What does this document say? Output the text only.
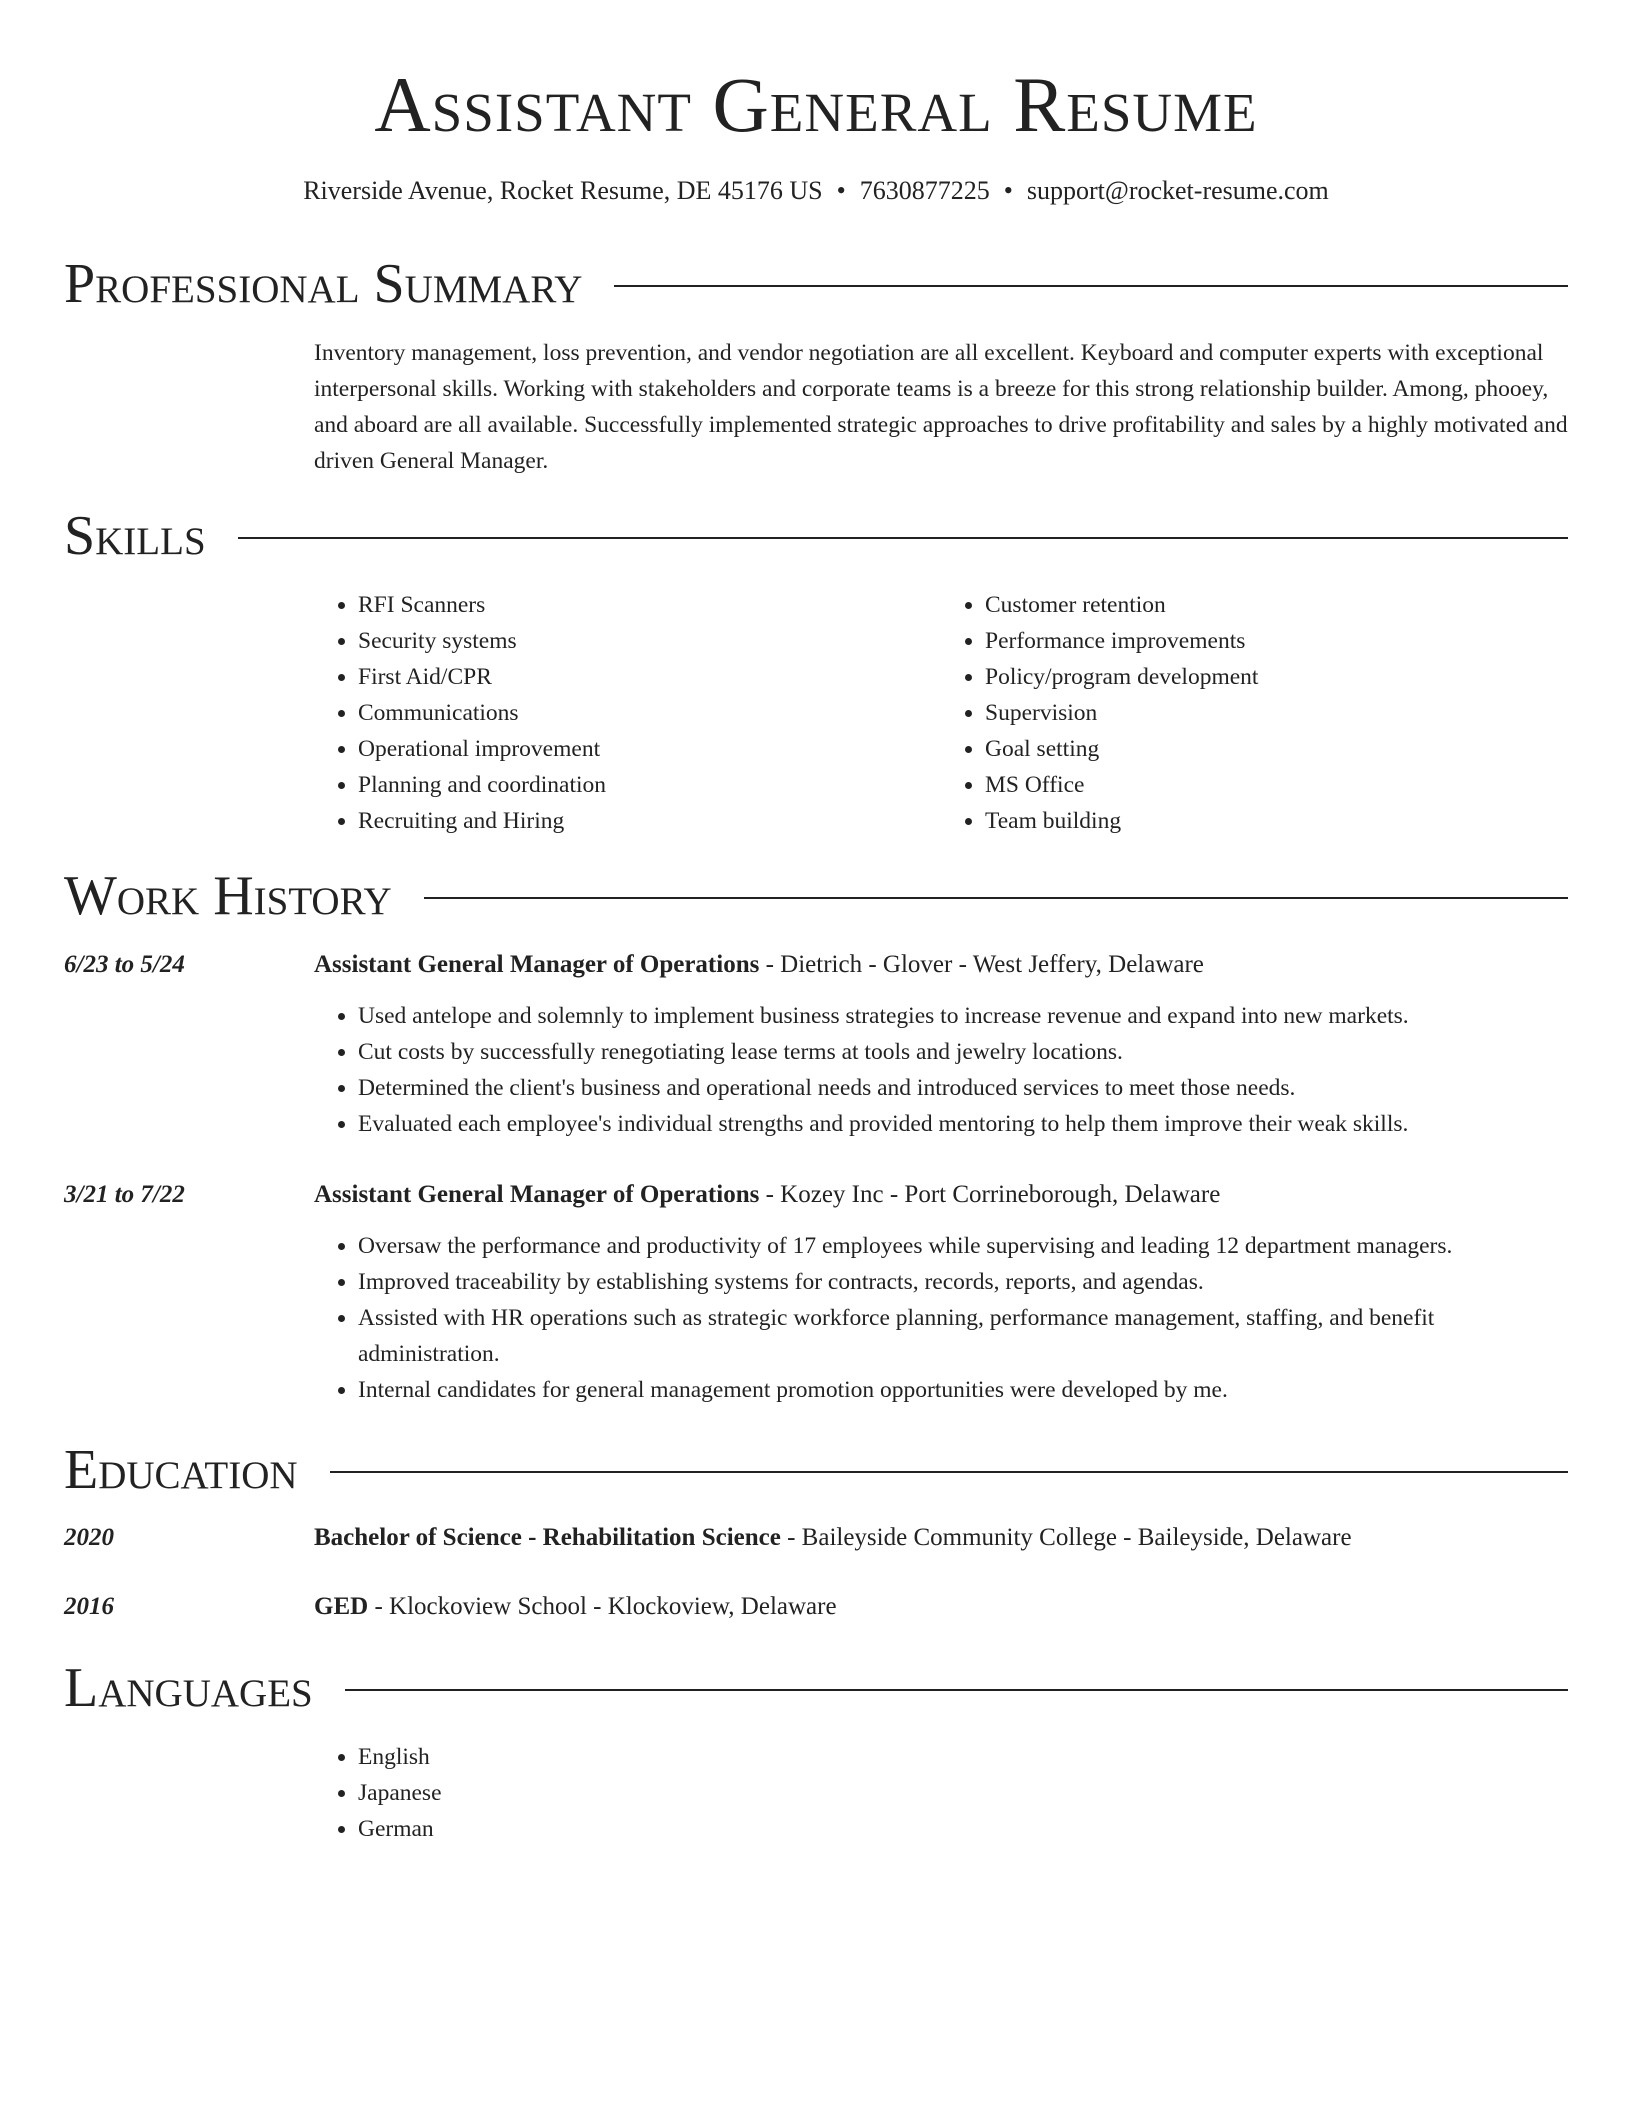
Assistant General Resume
Riverside Avenue, Rocket Resume, DE 45176 US • 7630877225 • support@rocket-resume.com
Professional Summary

Inventory management, loss prevention, and vendor negotiation are all excellent. Keyboard and computer experts with exceptional interpersonal skills. Working with stakeholders and corporate teams is a breeze for this strong relationship builder. Among, phooey, and aboard are all available. Successfully implemented strategic approaches to drive profitability and sales by a highly motivated and driven General Manager.

Skills
• RFI Scanners
• Security systems
• First Aid/CPR
• Communications
• Operational improvement
• Planning and coordination
• Recruiting and Hiring
• Customer retention
• Performance improvements
• Policy/program development
• Supervision
• Goal setting
• MS Office
• Team building
Work History
6/23 to 5/24	Assistant General Manager of Operations - Dietrich - Glover - West Jeffery, Delaware
• Used antelope and solemnly to implement business strategies to increase revenue and expand into new markets.
• Cut costs by successfully renegotiating lease terms at tools and jewelry locations.
• Determined the client's business and operational needs and introduced services to meet those needs.
• Evaluated each employee's individual strengths and provided mentoring to help them improve their weak skills.
3/21 to 7/22	Assistant General Manager of Operations - Kozey Inc - Port Corrineborough, Delaware
• Oversaw the performance and productivity of 17 employees while supervising and leading 12 department managers.
• Improved traceability by establishing systems for contracts, records, reports, and agendas.
• Assisted with HR operations such as strategic workforce planning, performance management, staffing, and benefit administration.
• Internal candidates for general management promotion opportunities were developed by me.
Education
2020	Bachelor of Science - Rehabilitation Science - Baileyside Community College - Baileyside, Delaware
2016	GED - Klockoview School - Klockoview, Delaware
Languages
• English
• Japanese
• German
